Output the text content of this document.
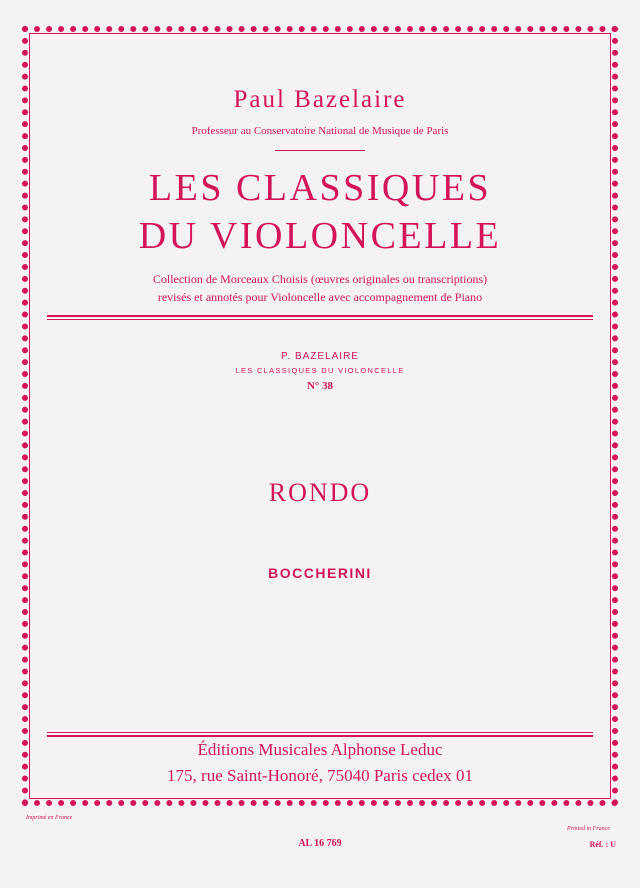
Paul Bazelaire
Professeur au Conservatoire National de Musique de Paris
LES CLASSIQUES
DU VIOLONCELLE
Collection de Morceaux Choisis (œuvres originales ou transcriptions)
revisés et annotés pour Violoncelle avec accompagnement de Piano
P. BAZELAIRE
LES CLASSIQUES DU VIOLONCELLE
N° 38
RONDO
BOCCHERINI
Éditions Musicales Alphonse Leduc
175, rue Saint-Honoré, 75040 Paris cedex 01
Imprimé en France
Printed in France
AL 16 769	Réf. : U
